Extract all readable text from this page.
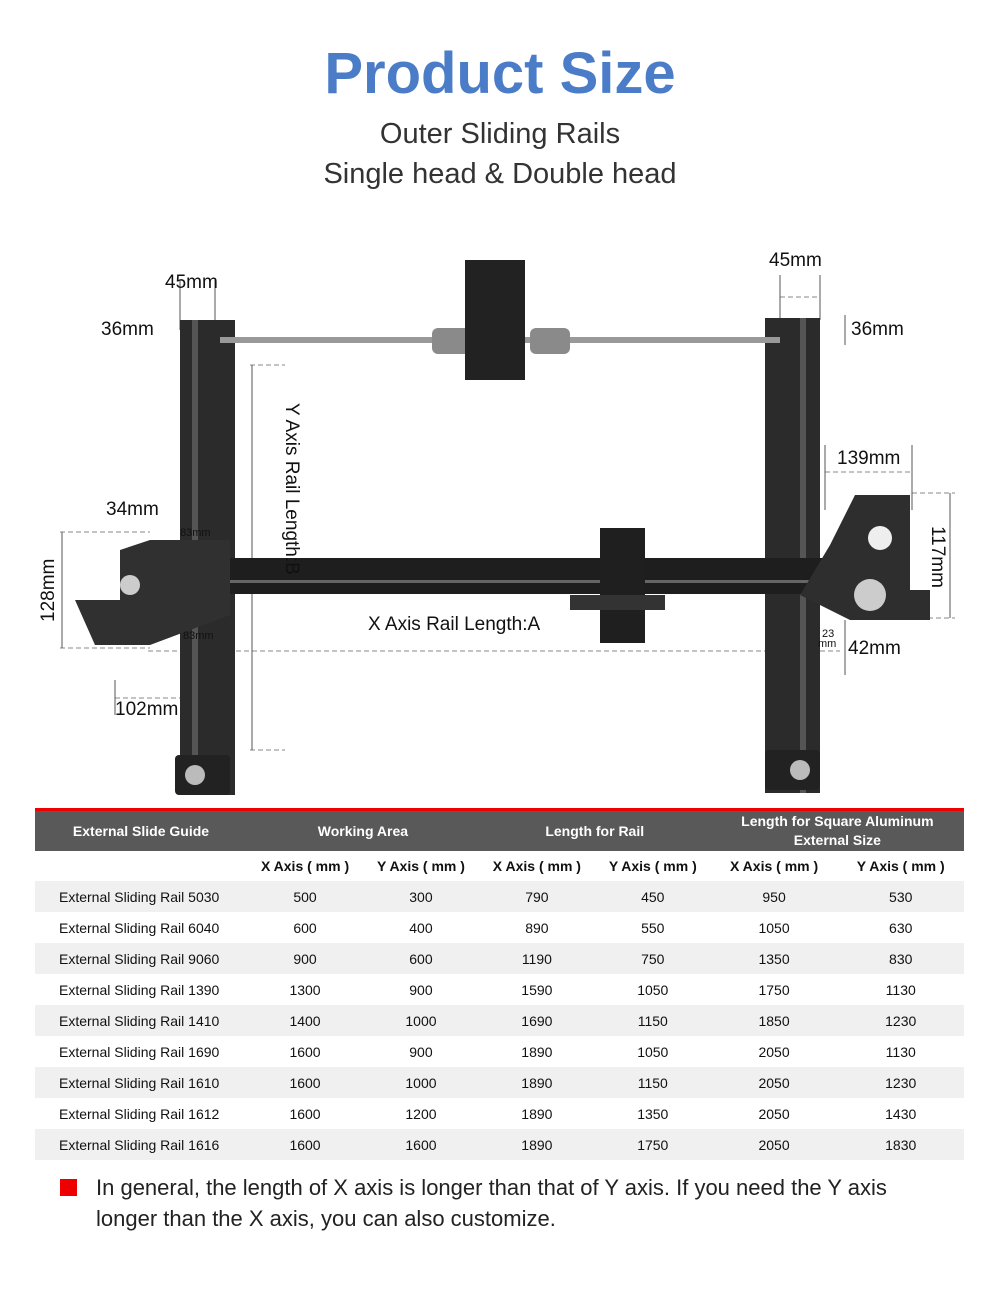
Product Size
Outer Sliding Rails
Single head & Double head
45mm
36mm
45mm
36mm
Y Axis Rail Length:B
X Axis Rail Length:A
34mm
83mm
83mm
128mm
102mm
139mm
117mm
23
mm 42mm
External Slide Guide	Working Area		Length for Rail		Length for Square Aluminum
External Size	
	X Axis ( mm )	Y Axis ( mm )	X Axis ( mm )	Y Axis ( mm )	X Axis ( mm )	Y Axis ( mm )
External Sliding Rail 5030	500	300	790	450	950	530
External Sliding Rail 6040	600	400	890	550	1050	630
External Sliding Rail 9060	900	600	1190	750	1350	830
External Sliding Rail 1390	1300	900	1590	1050	1750	1130
External Sliding Rail 1410	1400	1000	1690	1150	1850	1230
External Sliding Rail 1690	1600	900	1890	1050	2050	1130
External Sliding Rail 1610	1600	1000	1890	1150	2050	1230
External Sliding Rail 1612	1600	1200	1890	1350	2050	1430
External Sliding Rail 1616	1600	1600	1890	1750	2050	1830
In general, the length of X axis is longer than that of Y axis. If you need the Y axis longer than the X axis, you can also customize.
